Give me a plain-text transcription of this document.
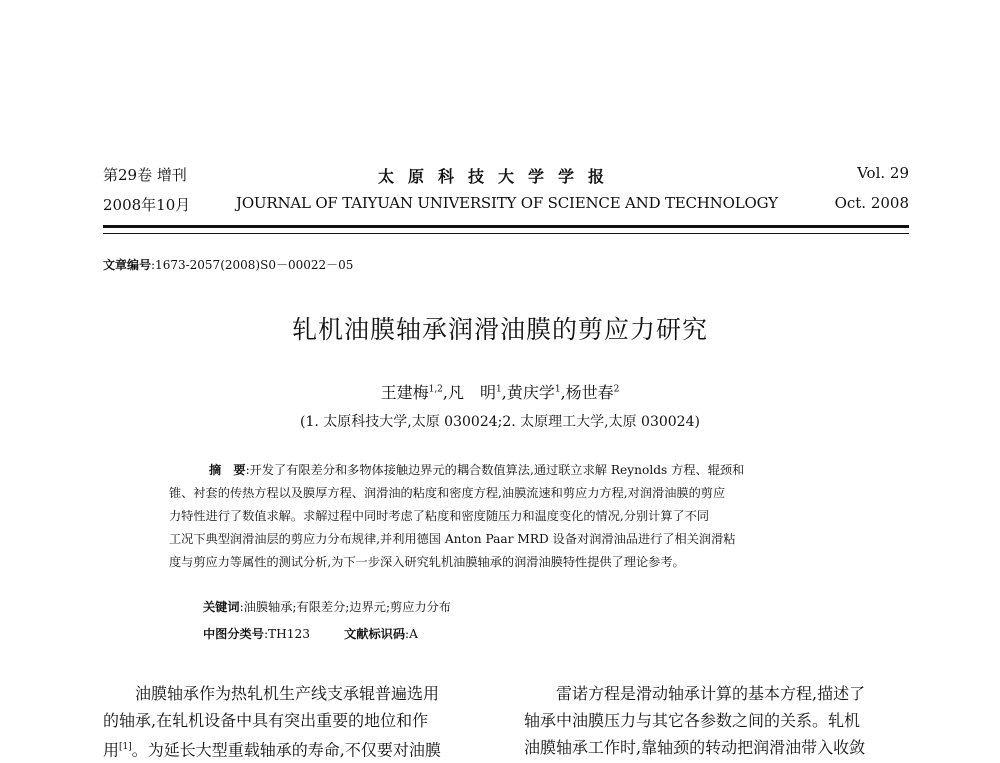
第29卷 增刊
2008年10月
太原科技大学学报
JOURNAL OF TAIYUAN UNIVERSITY OF SCIENCE AND TECHNOLOGY
Vol. 29
Oct. 2008
文章编号:1673-2057(2008)S0－00022－05
轧机油膜轴承润滑油膜的剪应力研究
王建梅$^{1,2}$,凡　明$^1$,黄庆学$^1$,杨世春$^2$
(1. 太原科技大学,太原 030024;2. 太原理工大学,太原 030024)
摘　要:开发了有限差分和多物体接触边界元的耦合数值算法,通过联立求解 Reynolds 方程、辊颈和
锥、衬套的传热方程以及膜厚方程、润滑油的粘度和密度方程,油膜流速和剪应力方程,对润滑油膜的剪应
力特性进行了数值求解。求解过程中同时考虑了粘度和密度随压力和温度变化的情况,分别计算了不同
工况下典型润滑油层的剪应力分布规律,并利用德国 Anton Paar MRD 设备对润滑油品进行了相关润滑粘
度与剪应力等属性的测试分析,为下一步深入研究轧机油膜轴承的润滑油膜特性提供了理论参考。
关键词:油膜轴承;有限差分;边界元;剪应力分布
中图分类号:TH123	文献标识码:A
　　油膜轴承作为热轧机生产线支承辊普遍选用
的轴承,在轧机设备中具有突出重要的地位和作
用[1]。为延长大型重载轴承的寿命,不仅要对油膜
　　雷诺方程是滑动轴承计算的基本方程,描述了
轴承中油膜压力与其它各参数之间的关系。轧机
油膜轴承工作时,靠轴颈的转动把润滑油带入收敛
